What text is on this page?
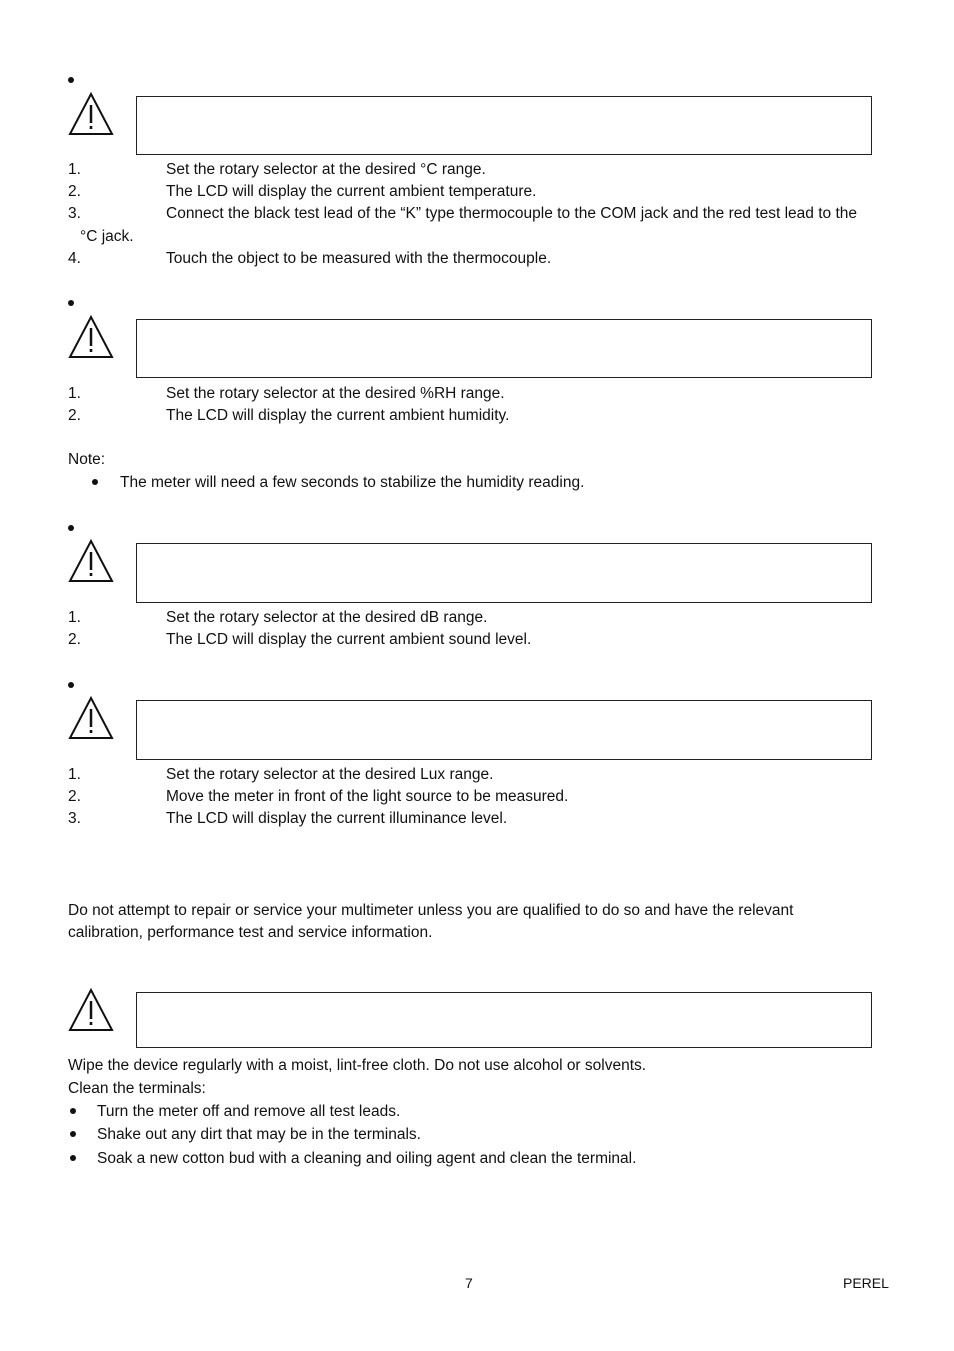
1.	Set the rotary selector at the desired °C range.
2.	The LCD will display the current ambient temperature.
3.	Connect the black test lead of the “K” type thermocouple to the COM jack and the red test lead to the
°C jack.
4.	Touch the object to be measured with the thermocouple.
1.	Set the rotary selector at the desired %RH range.
2.	The LCD will display the current ambient humidity.
Note:
The meter will need a few seconds to stabilize the humidity reading.
1.	Set the rotary selector at the desired dB range.
2.	The LCD will display the current ambient sound level.
1.	Set the rotary selector at the desired Lux range.
2.	Move the meter in front of the light source to be measured.
3.	The LCD will display the current illuminance level.
Do not attempt to repair or service your multimeter unless you are qualified to do so and have the relevant
calibration, performance test and service information.
Wipe the device regularly with a moist, lint-free cloth. Do not use alcohol or solvents.
Clean the terminals:
Turn the meter off and remove all test leads.
Shake out any dirt that may be in the terminals.
Soak a new cotton bud with a cleaning and oiling agent and clean the terminal.
7	PEREL
